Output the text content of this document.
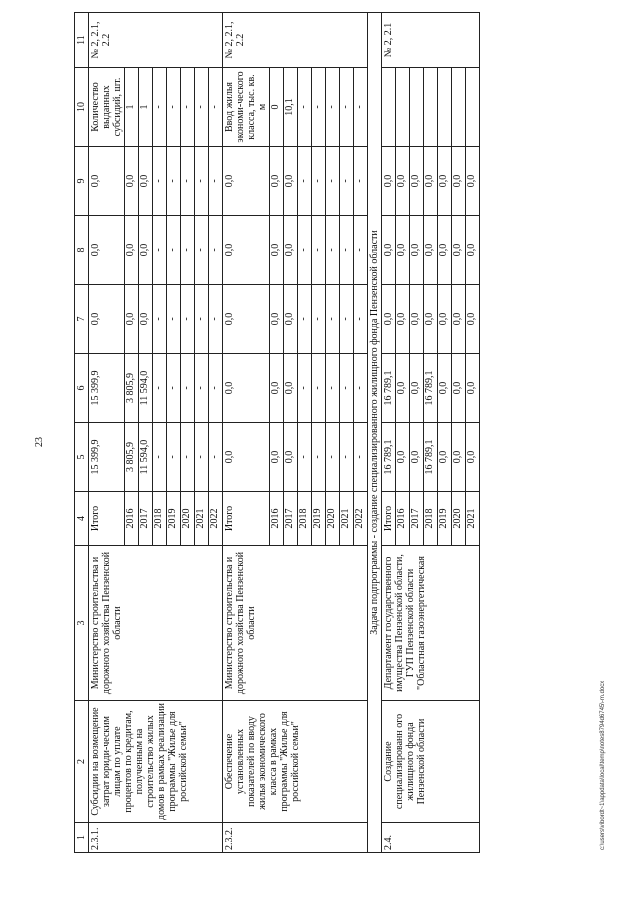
23
1	2	3	4	5	6	7	8	9	10	11
2.3.1.	Субсидии на возмещение затрат юриди-ческим лицам по уплате процентов по кредитам, полученным на строительство жилых домов в рамках реализации программы "Жилье для российской семьи"	Министерство строительства и дорожного хозяйства Пензенской области	Итого	15 399,9	15 399,9	0,0	0,0	0,0	Количество выданных субсидий, шт.	№ 2, 2.1, 2.2
			2016	3 805,9	3 805,9	0,0	0,0	0,0	1	
			2017	11 594,0	11 594,0	0,0	0,0	0,0	1	
			2018	-	-	-	-	-	-	
			2019	-	-	-	-	-	-	
			2020	-	-	-	-	-	-	
			2021	-	-	-	-	-	-	
			2022	-	-	-	-	-	-	
2.3.2.	Обеспечение установленных показателей по вводу жилья экономического класса в рамках программы "Жилье для российской семьи"	Министерство строительства и дорожного хозяйства Пензенской области	Итого	0,0	0,0	0,0	0,0	0,0	Ввод жилья экономи-ческого класса, тыс. кв. м	№ 2, 2.1, 2.2
			2016	0,0	0,0	0,0	0,0	0,0	0	
			2017	0,0	0,0	0,0	0,0	0,0	10,1	
			2018	-	-	-	-	-	-	
			2019	-	-	-	-	-	-	
			2020	-	-	-	-	-	-	
			2021	-	-	-	-	-	-	
			2022	-	-	-	-	-	-	
Задача подпрограммы - создание специализированного жилищного фонда Пензенской области										
2.4.	Создание специализированн ого жилищного фонда Пензенской области	Департамент государственного имущества Пензенской области, ГУП Пензенской области "Областная газоэнергетическая	Итого	16 789,1	16 789,1	0,0	0,0	0,0		№ 2, 2.1
			2016	0,0	0,0	0,0	0,0	0,0		
			2017	0,0	0,0	0,0	0,0	0,0		
			2018	16 789,1	16 789,1	0,0	0,0	0,0		
			2019	0,0	0,0	0,0	0,0	0,0		
			2020	0,0	0,0	0,0	0,0	0,0		
			2021	0,0	0,0	0,0	0,0	0,0		
c:\users\vibordt~1\appdata\local\temp\notes8794d6745\-m.docx
